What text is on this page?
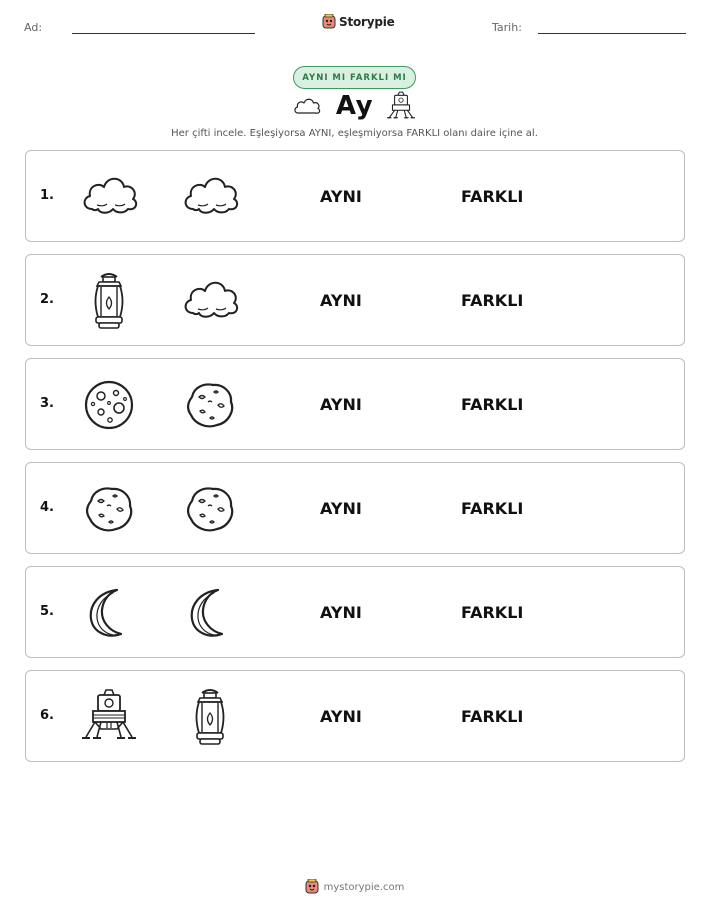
Ad:	Storypie	Tarih:
AYNI MI FARKLI MI
Ay
Her çifti incele. Eşleşiyorsa AYNI, eşleşmiyorsa FARKLI olanı daire içine al.
1.	AYNI	FARKLI
2.	AYNI	FARKLI
3.	AYNI	FARKLI
4.	AYNI	FARKLI
5.	AYNI	FARKLI
6.	AYNI	FARKLI
mystorypie.com
